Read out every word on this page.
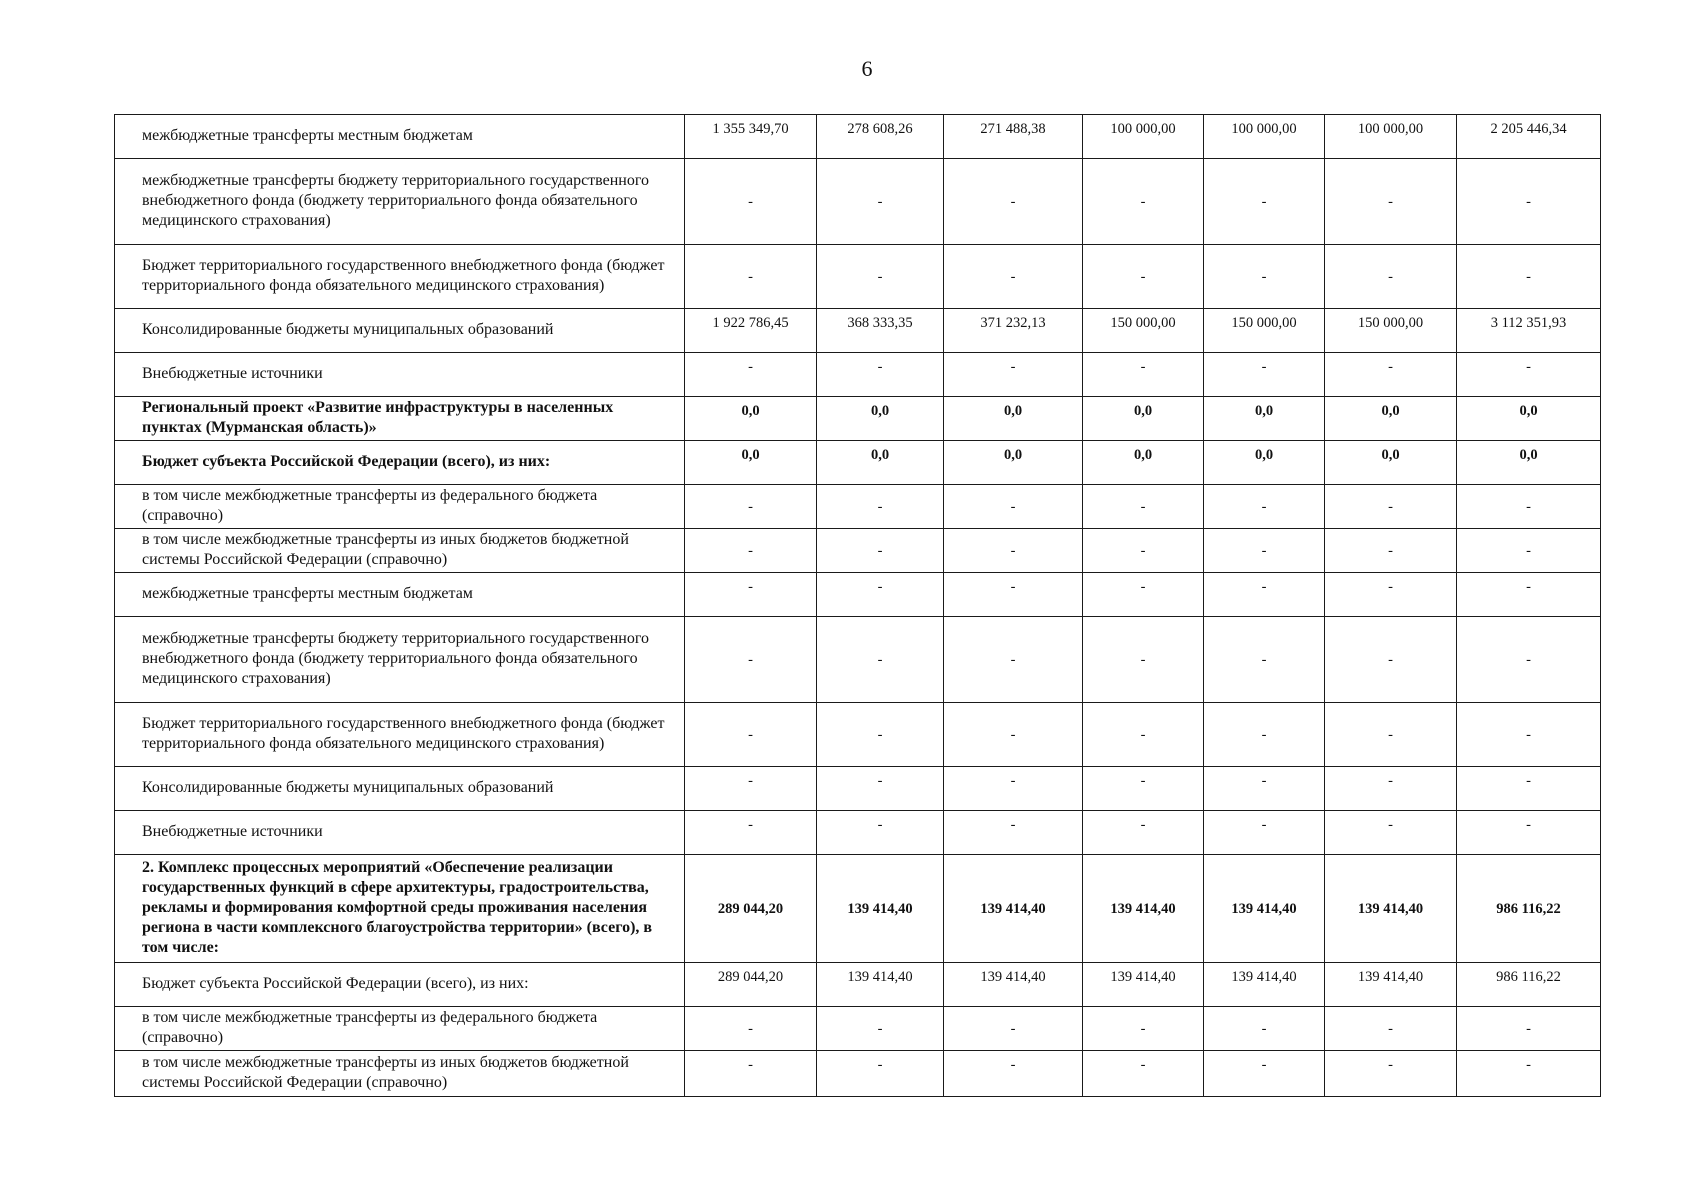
6
межбюджетные трансферты местным бюджетам	1 355 349,70	278 608,26	271 488,38	100 000,00	100 000,00	100 000,00	2 205 446,34
межбюджетные трансферты бюджету территориального государственного внебюджетного фонда (бюджету территориального фонда обязательного медицинского страхования)	-	-	-	-	-	-	-
Бюджет территориального государственного внебюджетного фонда (бюджет территориального фонда обязательного медицинского страхования)	-	-	-	-	-	-	-
Консолидированные бюджеты муниципальных образований	1 922 786,45	368 333,35	371 232,13	150 000,00	150 000,00	150 000,00	3 112 351,93
Внебюджетные источники	-	-	-	-	-	-	-
Региональный проект «Развитие инфраструктуры в населенных пунктах (Мурманская область)»	0,0	0,0	0,0	0,0	0,0	0,0	0,0
Бюджет субъекта Российской Федерации (всего), из них:	0,0	0,0	0,0	0,0	0,0	0,0	0,0
в том числе межбюджетные трансферты из федерального бюджета (справочно)	-	-	-	-	-	-	-
в том числе межбюджетные трансферты из иных бюджетов бюджетной системы Российской Федерации (справочно)	-	-	-	-	-	-	-
межбюджетные трансферты местным бюджетам	-	-	-	-	-	-	-
межбюджетные трансферты бюджету территориального государственного внебюджетного фонда (бюджету территориального фонда обязательного медицинского страхования)	-	-	-	-	-	-	-
Бюджет территориального государственного внебюджетного фонда (бюджет территориального фонда обязательного медицинского страхования)	-	-	-	-	-	-	-
Консолидированные бюджеты муниципальных образований	-	-	-	-	-	-	-
Внебюджетные источники	-	-	-	-	-	-	-
2. Комплекс процессных мероприятий «Обеспечение реализации государственных функций в сфере архитектуры, градостроительства, рекламы и формирования комфортной среды проживания населения региона в части комплексного благоустройства территории» (всего), в том числе:	289 044,20	139 414,40	139 414,40	139 414,40	139 414,40	139 414,40	986 116,22
Бюджет субъекта Российской Федерации (всего), из них:	289 044,20	139 414,40	139 414,40	139 414,40	139 414,40	139 414,40	986 116,22
в том числе межбюджетные трансферты из федерального бюджета (справочно)	-	-	-	-	-	-	-
в том числе межбюджетные трансферты из иных бюджетов бюджетной системы Российской Федерации (справочно)	-	-	-	-	-	-	-
